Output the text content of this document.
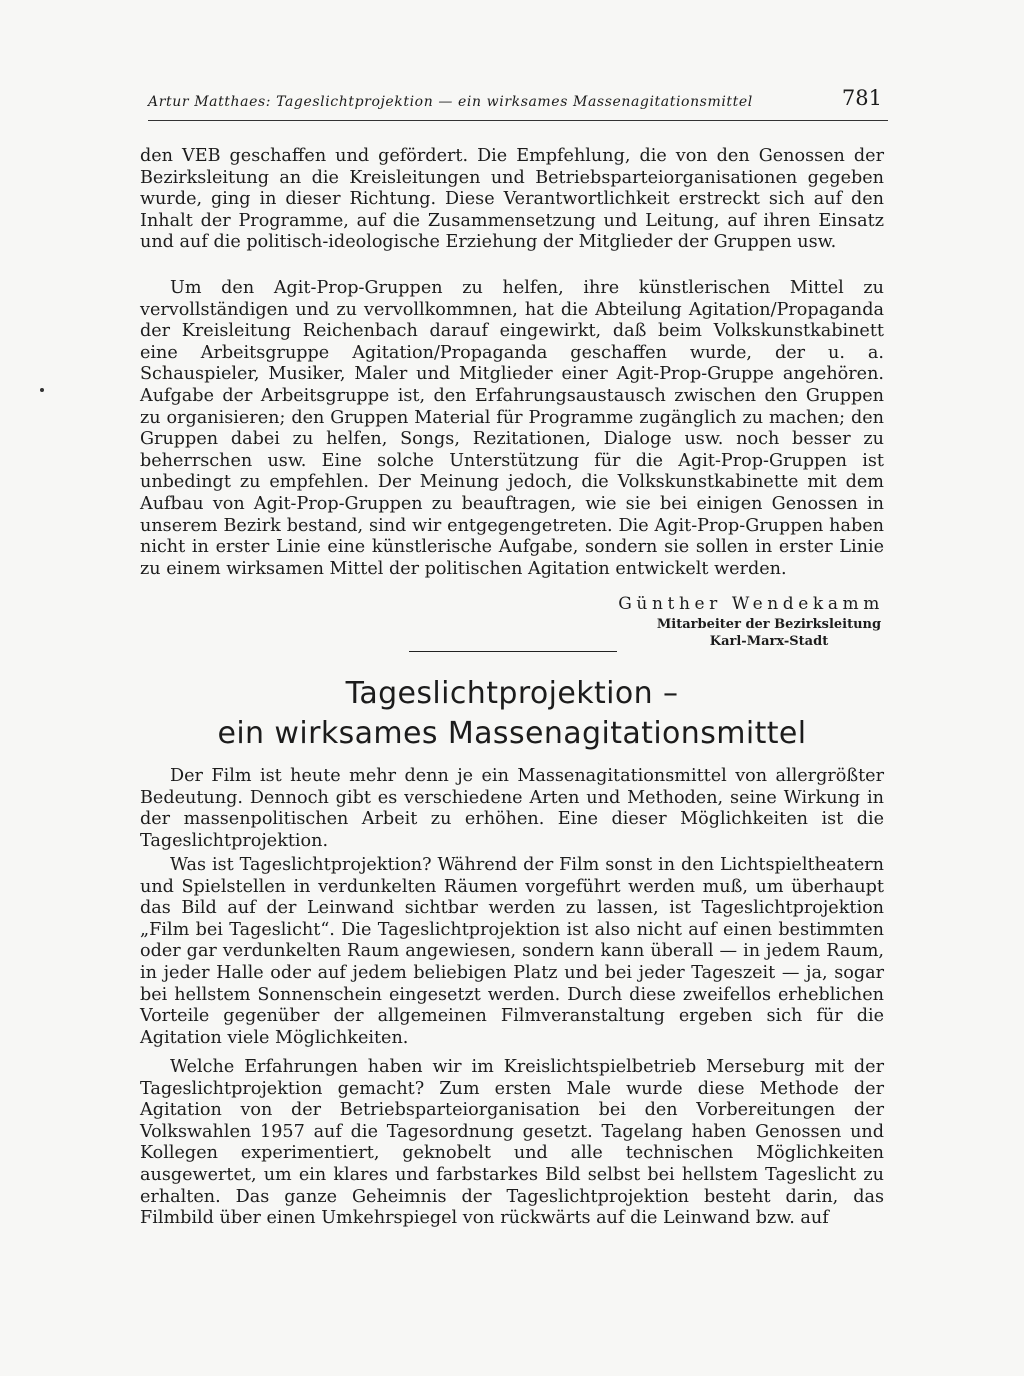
Artur Matthaes: Tageslichtprojektion — ein wirksames Massenagitationsmittel	781

den VEB geschaffen und gefördert. Die Empfehlung, die von den Genossen der Bezirksleitung an die Kreisleitungen und Betriebsparteiorganisationen gegeben wurde, ging in dieser Richtung. Diese Verantwortlichkeit erstreckt sich auf den Inhalt der Programme, auf die Zusammensetzung und Leitung, auf ihren Einsatz und auf die politisch-ideologische Erziehung der Mitglieder der Gruppen usw.

Um den Agit-Prop-Gruppen zu helfen, ihre künstlerischen Mittel zu vervollständigen und zu vervollkommnen, hat die Abteilung Agitation/Propaganda der Kreisleitung Reichenbach darauf eingewirkt, daß beim Volkskunstkabinett eine Arbeitsgruppe Agitation/Propaganda geschaffen wurde, der u. a. Schauspieler, Musiker, Maler und Mitglieder einer Agit-Prop-Gruppe angehören. Aufgabe der Arbeitsgruppe ist, den Erfahrungsaustausch zwischen den Gruppen zu organisieren; den Gruppen Material für Programme zugänglich zu machen; den Gruppen dabei zu helfen, Songs, Rezitationen, Dialoge usw. noch besser zu beherrschen usw. Eine solche Unterstützung für die Agit-Prop-Gruppen ist unbedingt zu empfehlen. Der Meinung jedoch, die Volkskunstkabinette mit dem Aufbau von Agit-Prop-Gruppen zu beauftragen, wie sie bei einigen Genossen in unserem Bezirk bestand, sind wir entgegengetreten. Die Agit-Prop-Gruppen haben nicht in erster Linie eine künstlerische Aufgabe, sondern sie sollen in erster Linie zu einem wirksamen Mittel der politischen Agitation entwickelt werden.

Günther Wendekamm
Mitarbeiter der Bezirksleitung
Karl-Marx-Stadt
Tageslichtprojektion –
ein wirksames Massenagitationsmittel

Der Film ist heute mehr denn je ein Massenagitationsmittel von allergrößter Bedeutung. Dennoch gibt es verschiedene Arten und Methoden, seine Wirkung in der massenpolitischen Arbeit zu erhöhen. Eine dieser Möglichkeiten ist die Tageslichtprojektion.

Was ist Tageslichtprojektion? Während der Film sonst in den Lichtspieltheatern und Spielstellen in verdunkelten Räumen vorgeführt werden muß, um überhaupt das Bild auf der Leinwand sichtbar werden zu lassen, ist Tageslichtprojektion „Film bei Tageslicht“. Die Tageslichtprojektion ist also nicht auf einen bestimmten oder gar verdunkelten Raum angewiesen, sondern kann überall — in jedem Raum, in jeder Halle oder auf jedem beliebigen Platz und bei jeder Tageszeit — ja, sogar bei hellstem Sonnenschein eingesetzt werden. Durch diese zweifellos erheblichen Vorteile gegenüber der allgemeinen Filmveranstaltung ergeben sich für die Agitation viele Möglichkeiten.

Welche Erfahrungen haben wir im Kreislichtspielbetrieb Merseburg mit der Tageslichtprojektion gemacht? Zum ersten Male wurde diese Methode der Agitation von der Betriebsparteiorganisation bei den Vorbereitungen der Volkswahlen 1957 auf die Tagesordnung gesetzt. Tagelang haben Genossen und Kollegen experimentiert, geknobelt und alle technischen Möglichkeiten ausgewertet, um ein klares und farbstarkes Bild selbst bei hellstem Tageslicht zu erhalten. Das ganze Geheimnis der Tageslichtprojektion besteht darin, das Filmbild über einen Umkehrspiegel von rückwärts auf die Leinwand bzw. auf
